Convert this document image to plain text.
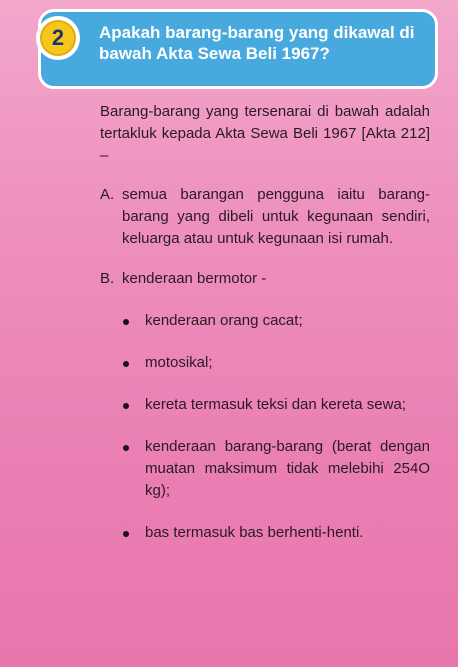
Apakah barang-barang yang dikawal di bawah Akta Sewa Beli 1967?
2

Barang-barang yang tersenarai di bawah adalah tertakluk kepada Akta Sewa Beli 1967 [Akta 212] –

A. semua barangan pengguna iaitu barang-barang yang dibeli untuk kegunaan sendiri, keluarga atau untuk kegunaan isi rumah.
B. kenderaan bermotor -
kenderaan orang cacat;
motosikal;
kereta termasuk teksi dan kereta sewa;
kenderaan barang-barang (berat dengan muatan maksimum tidak melebihi 254O kg);
bas termasuk bas berhenti-henti.
